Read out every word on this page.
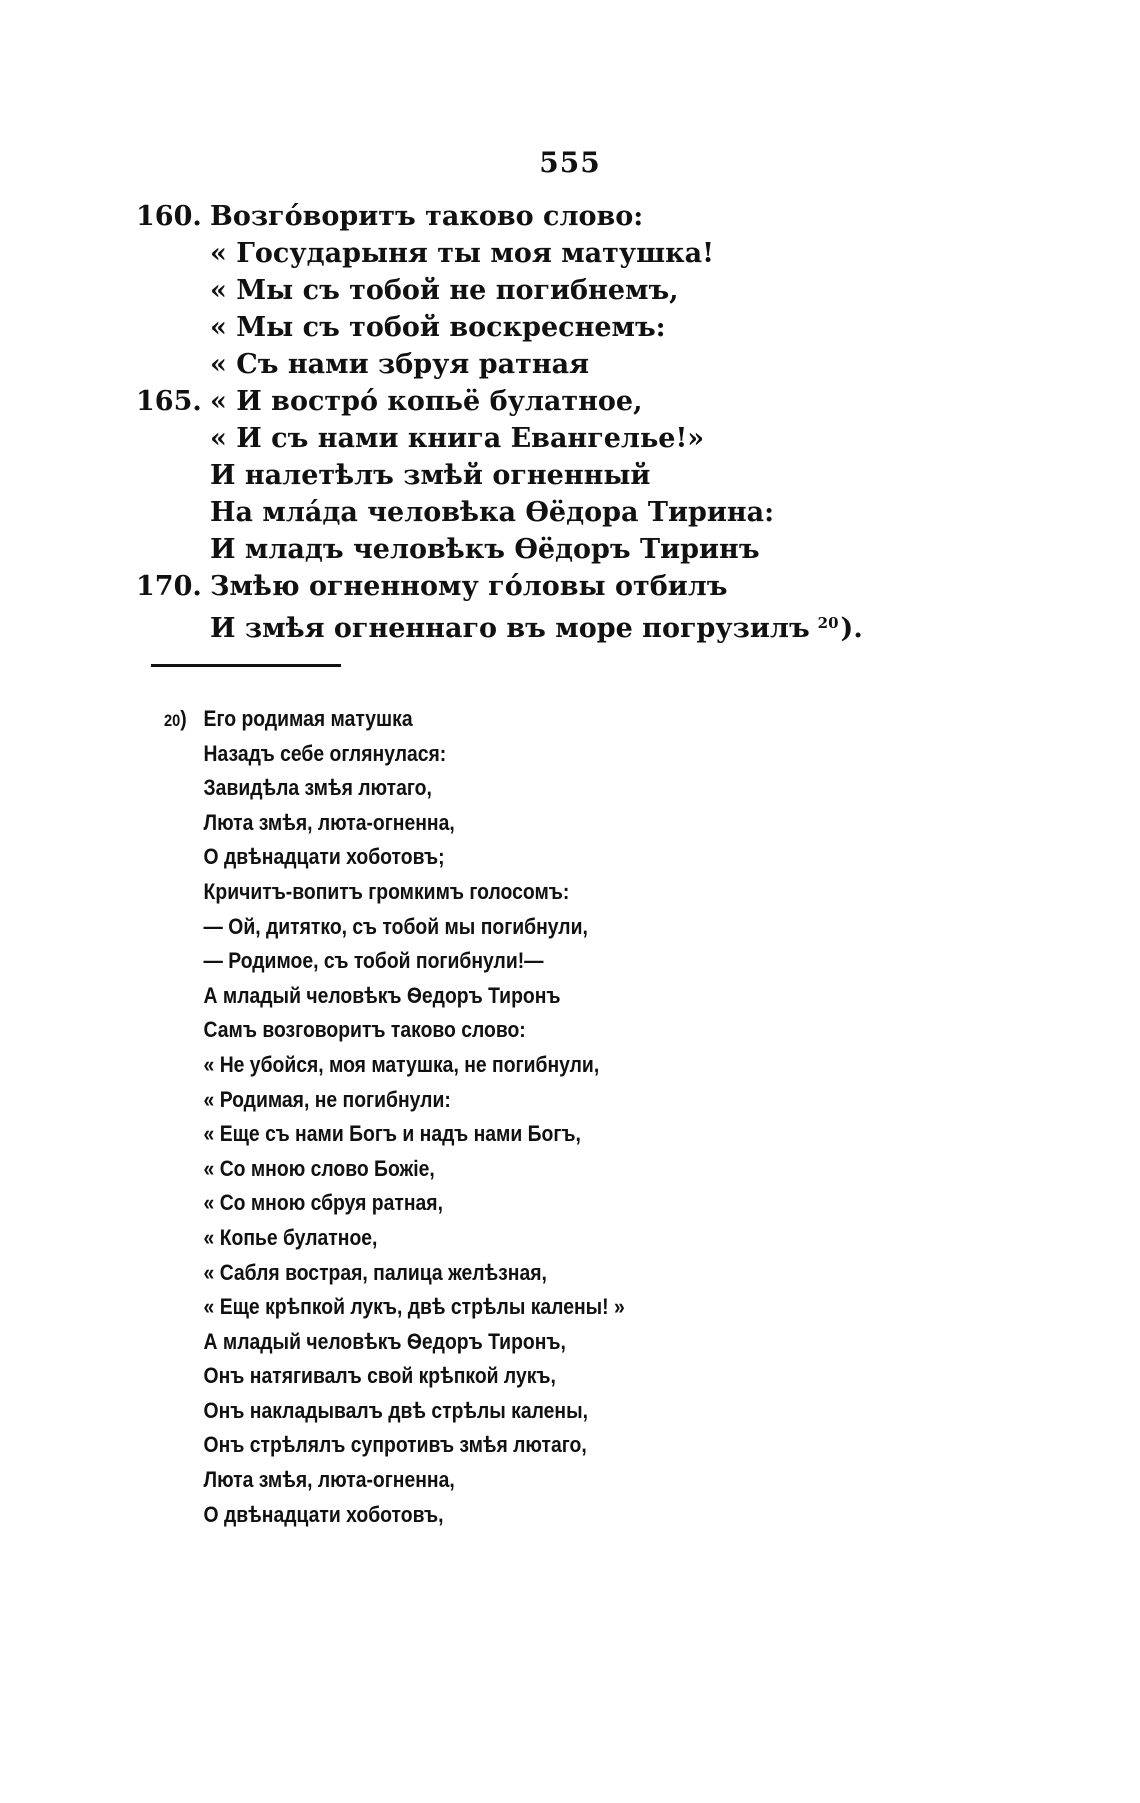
555
160. Возго́воритъ таково слово:
« Государыня ты моя матушка!
« Мы съ тобой не погибнемъ,
« Мы съ тобой воскреснемъ:
« Съ нами збруя ратная
165. « И востро́ копьё булатное,
« И съ нами книга Евангелье!»
И налетѣлъ змѣй огненный
На мла́да человѣка Ѳёдора Тирина:
И младъ человѣкъ Ѳёдоръ Тиринъ
170. Змѣю огненному го́ловы отбилъ
И змѣя огненнаго въ море погрузилъ $^{20}$).
20) Его родимая матушка
Назадъ себе оглянулася:
Завидѣла змѣя лютаго,
Люта змѣя, люта-огненна,
О двѣнадцати хоботовъ;
Кричитъ-вопитъ громкимъ голосомъ:
— Ой, дитятко, съ тобой мы погибнули,
— Родимое, съ тобой погибнули!—
А младый человѣкъ Ѳедоръ Тиронъ
Самъ возговоритъ таково слово:
« Не убойся, моя матушка, не погибнули,
« Родимая, не погибнули:
« Еще съ нами Богъ и надъ нами Богъ,
« Со мною слово Божіе,
« Со мною сбруя ратная,
« Копье булатное,
« Сабля вострая, палица желѣзная,
« Еще крѣпкой лукъ, двѣ стрѣлы калены! »
А младый человѣкъ Ѳедоръ Тиронъ,
Онъ натягивалъ свой крѣпкой лукъ,
Онъ накладывалъ двѣ стрѣлы калены,
Онъ стрѣлялъ супротивъ змѣя лютаго,
Люта змѣя, люта-огненна,
О двѣнадцати хоботовъ,
